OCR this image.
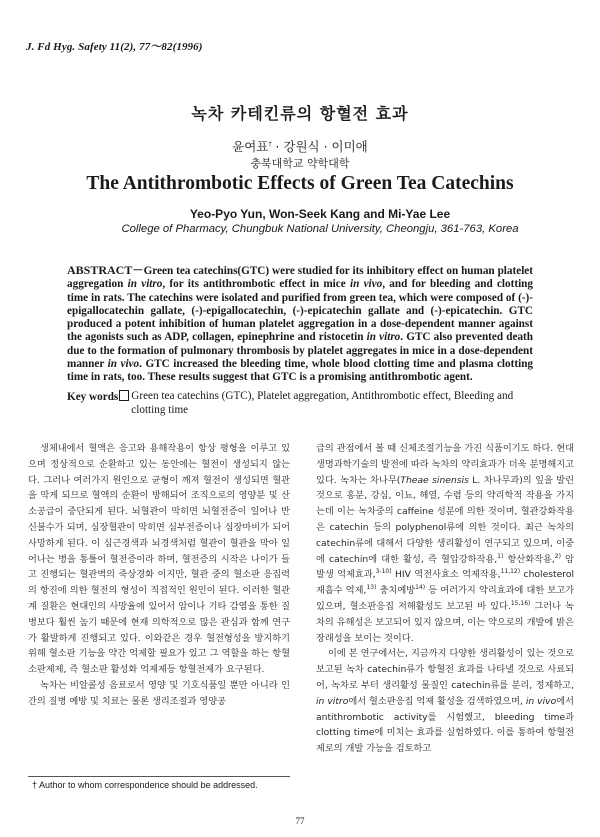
J. Fd Hyg. Safety 11(2), 77～82(1996)
녹차 카테킨류의 항혈전 효과
윤여표† · 강원식 · 이미애
충북대학교 약학대학
The Antithrombotic Effects of Green Tea Catechins
Yeo-Pyo Yun, Won-Seek Kang and Mi-Yae Lee
College of Pharmacy, Chungbuk National University, Cheongju, 361-763, Korea
ABSTRACT－Green tea catechins(GTC) were studied for its inhibitory effect on human platelet aggregation in vitro, for its antithrombotic effect in mice in vivo, and for bleeding and clotting time in rats. The catechins were isolated and purified from green tea, which were composed of (-)-epigallocatechin gallate, (-)-epigallocatechin, (-)-epicatechin gallate and (-)-epicatechin. GTC produced a potent inhibition of human platelet aggregation in a dose-dependent manner against the agonists such as ADP, collagen, epinephrine and ristocetin in vitro. GTC also prevented death due to the formation of pulmonary thrombosis by platelet aggregates in mice in a dose-dependent manner in vivo. GTC increased the bleeding time, whole blood clotting time and plasma clotting time in rats, too. These results suggest that GTC is a promising antithrombotic agent.
Key words	Green tea catechins (GTC), Platelet aggregation, Antithrombotic effect, Bleeding and clotting time

생체내에서 혈액은 응고와 용해작용이 항상 평형을 이루고 있으며 정상적으로 순환하고 있는 동안에는 혈전이 생성되지 않는다. 그러나 여러가지 원인으로 균형이 깨져 혈전이 생성되면 혈관을 막게 되므로 혈액의 순환이 방해되어 조직으로의 영양분 및 산소공급이 중단되게 된다. 뇌혈관이 막히면 뇌혈전증이 일어나 반신불수가 되며, 심장혈관이 막히면 심부전증이나 심장마비가 되어 사망하게 된다. 이 심근경색과 뇌경색처럼 혈관이 혈관을 막아 일어나는 병을 통틀어 혈전증이라 하며, 혈전증의 시작은 나이가 들고 진행되는 혈관벽의 죽상경화 이지만, 혈관 중의 혈소판 응집력의 항진에 의한 혈전의 형성이 직접적인 원인이 된다. 이러한 혈관계 질환은 현대인의 사망율에 있어서 암이나 기타 감염을 통한 질병보다 훨씬 높기 때문에 현재 의학적으로 많은 관심과 함께 연구가 활발하게 진행되고 있다. 이와같은 경우 혈전형성을 방지하기 위해 혈소판 기능을 약간 억제할 필요가 있고 그 역할을 하는 항혈소판제제, 즉 혈소판 활성화 억제제등 항혈전제가 요구된다.

녹차는 비알콜성 음료로서 영양 및 기호식품일 뿐만 아니라 인간의 질병 예방 및 치료는 물론 생리조절과 영양공

급의 관점에서 볼 때 신체조절기능을 가진 식품이기도 하다. 현대 생명과학기술의 발전에 따라 녹차의 약리효과가 더욱 분명해지고 있다. 녹차는 차나무(Theae sinensis L. 차나무과)의 잎을 발린 것으로 홍분, 강심, 이뇨, 해열, 수렴 등의 약리학적 작용을 가지는데 이는 녹차중의 caffeine 성분에 의한 것이며, 혈관강화작용은 catechin 등의 polyphenol류에 의한 것이다. 최근 녹차의 catechin류에 대해서 다양한 생리활성이 연구되고 있으며, 이중에 catechin에 대한 활성, 즉 혈압강하작용,$^{1)}$ 항산화작용,$^{2)}$ 암 발생 억제효과,$^{3-10)}$ HIV 역전사효소 억제작용,$^{11,12)}$ cholesterol 재흡수 억제,$^{13)}$ 충치예방$^{14)}$ 등 여러가지 약리효과에 대한 보고가 있으며, 혈소판응집 저해활성도 보고된 바 있다.$^{15,16)}$ 그러나 녹차의 유해성은 보고되어 있지 않으며, 이는 약으로의 개발에 밝은 장래성을 보이는 것이다.

이에 본 연구에서는, 지금까지 다양한 생리활성이 있는 것으로 보고된 녹차 catechin류가 항혈전 효과를 나타낼 것으로 사료되어, 녹차로 부터 생리활성 물질인 catechin류를 분리, 정제하고, in vitro에서 혈소판응집 억제 활성을 검색하였으며, in vivo에서 antithrombotic activity를 시험했고, bleeding time과 clotting time에 미치는 효과를 실험하였다. 이를 통하여 항혈전제로의 개발 가능을 검토하고

† Author to whom correspondence should be addressed.
77
